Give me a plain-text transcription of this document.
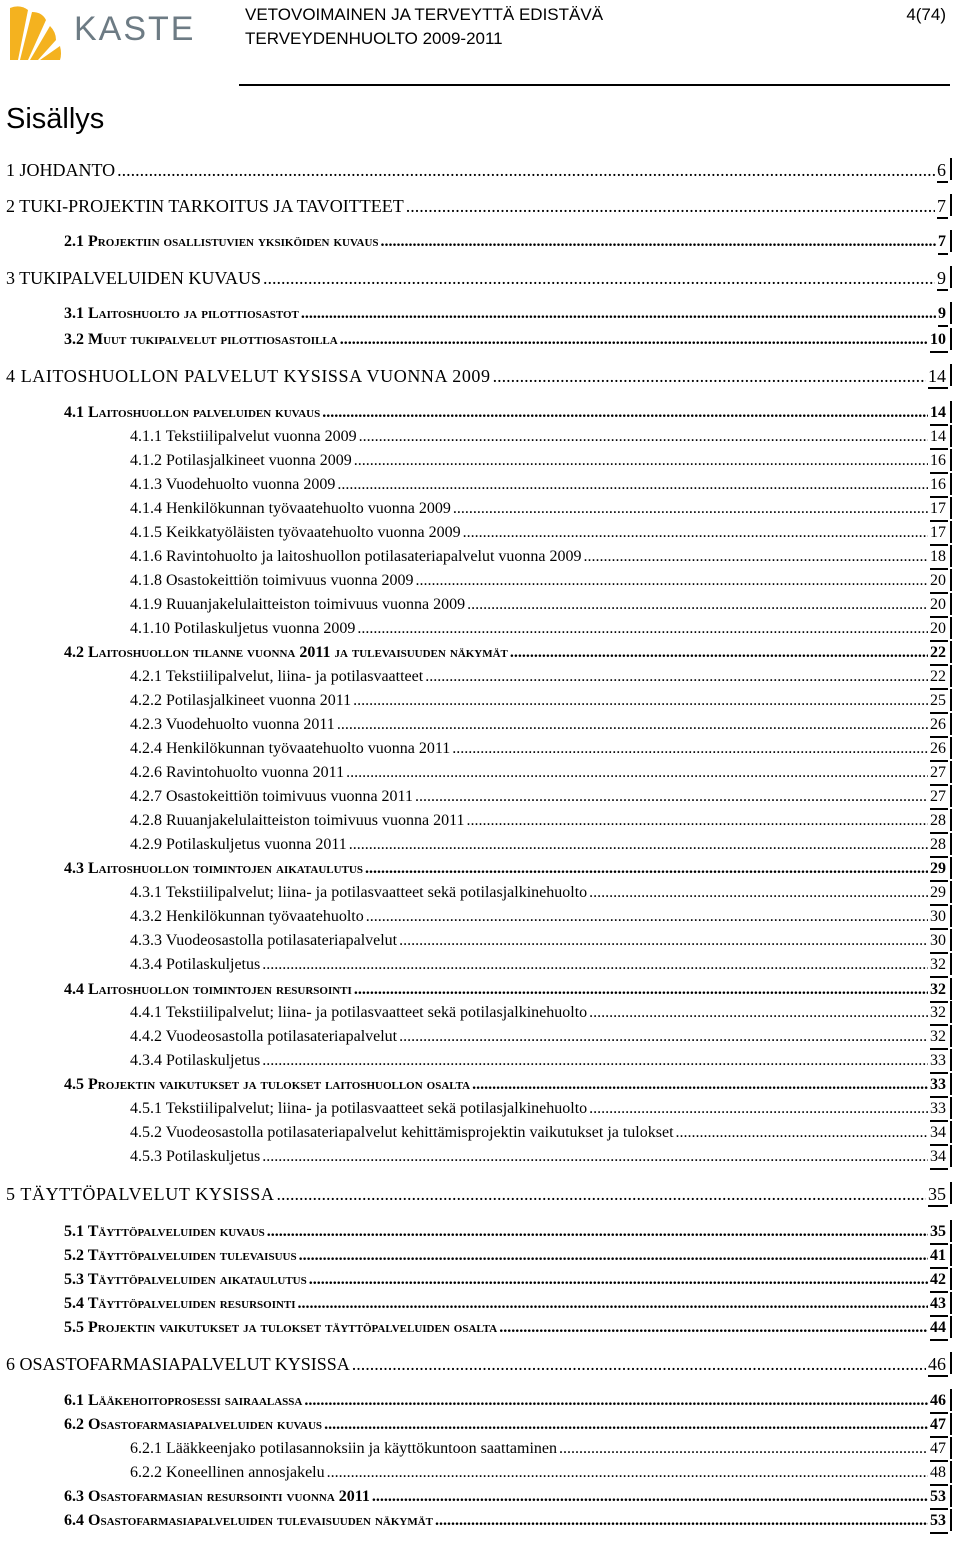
KASTE	VETOVOIMAINEN JA TERVEYTTÄ EDISTÄVÄ
TERVEYDENHUOLTO 2009-2011
4(74)
Sisällys
1 JOHDANTO .....	6
2 TUKI-PROJEKTIN TARKOITUS JA TAVOITTEET .....	7
2.1 Projektiin osallistuvien yksiköiden kuvaus .....	7
3 TUKIPALVELUIDEN KUVAUS .....	9
3.1 Laitoshuolto ja pilottiosastot .....	9
3.2 Muut tukipalvelut pilottiosastoilla .....	10
4 LAITOSHUOLLON PALVELUT KYSISSA VUONNA 2009 .....	14
4.1 Laitoshuollon palveluiden kuvaus .....	14
4.1.1 Tekstiilipalvelut vuonna 2009 .....	14
4.1.2 Potilasjalkineet vuonna 2009 .....	16
4.1.3 Vuodehuolto vuonna 2009 .....	16
4.1.4 Henkilökunnan työvaatehuolto vuonna 2009 .....	17
4.1.5 Keikkatyöläisten työvaatehuolto vuonna 2009 .....	17
4.1.6 Ravintohuolto ja laitoshuollon potilasateriapalvelut vuonna 2009 .....	18
4.1.8 Osastokeittiön toimivuus vuonna 2009 .....	20
4.1.9 Ruuanjakelulaitteiston toimivuus vuonna 2009 .....	20
4.1.10 Potilaskuljetus vuonna 2009 .....	20
4.2 Laitoshuollon tilanne vuonna 2011 ja tulevaisuuden näkymät .....	22
4.2.1 Tekstiilipalvelut, liina- ja potilasvaatteet .....	22
4.2.2 Potilasjalkineet vuonna 2011 .....	25
4.2.3 Vuodehuolto vuonna 2011 .....	26
4.2.4 Henkilökunnan työvaatehuolto vuonna 2011 .....	26
4.2.6 Ravintohuolto vuonna 2011 .....	27
4.2.7 Osastokeittiön toimivuus vuonna 2011 .....	27
4.2.8 Ruuanjakelulaitteiston toimivuus vuonna 2011 .....	28
4.2.9 Potilaskuljetus vuonna 2011 .....	28
4.3 Laitoshuollon toimintojen aikataulutus .....	29
4.3.1 Tekstiilipalvelut; liina- ja potilasvaatteet sekä potilasjalkinehuolto .....	29
4.3.2 Henkilökunnan työvaatehuolto .....	30
4.3.3 Vuodeosastolla potilasateriapalvelut .....	30
4.3.4 Potilaskuljetus .....	32
4.4 Laitoshuollon toimintojen resursointi .....	32
4.4.1 Tekstiilipalvelut; liina- ja potilasvaatteet sekä potilasjalkinehuolto .....	32
4.4.2 Vuodeosastolla potilasateriapalvelut .....	32
4.3.4 Potilaskuljetus .....	33
4.5 Projektin vaikutukset ja tulokset laitoshuollon osalta .....	33
4.5.1 Tekstiilipalvelut; liina- ja potilasvaatteet sekä potilasjalkinehuolto .....	33
4.5.2 Vuodeosastolla potilasateriapalvelut kehittämisprojektin vaikutukset ja tulokset .....	34
4.5.3 Potilaskuljetus .....	34
5 TÄYTTÖPALVELUT KYSISSA .....	35
5.1 Täyttöpalveluiden kuvaus .....	35
5.2 Täyttöpalveluiden tulevaisuus .....	41
5.3 Täyttöpalveluiden aikataulutus .....	42
5.4 Täyttöpalveluiden resursointi .....	43
5.5 Projektin vaikutukset ja tulokset täyttöpalveluiden osalta .....	44
6 OSASTOFARMASIAPALVELUT KYSISSA .....	46
6.1 Lääkehoitoprosessi sairaalassa .....	46
6.2 Osastofarmasiapalveluiden kuvaus .....	47
6.2.1 Lääkkeenjako potilasannoksiin ja käyttökuntoon saattaminen .....	47
6.2.2 Koneellinen annosjakelu .....	48
6.3 Osastofarmasian resursointi vuonna 2011 .....	53
6.4 Osastofarmasiapalveluiden tulevaisuuden näkymät .....	53
